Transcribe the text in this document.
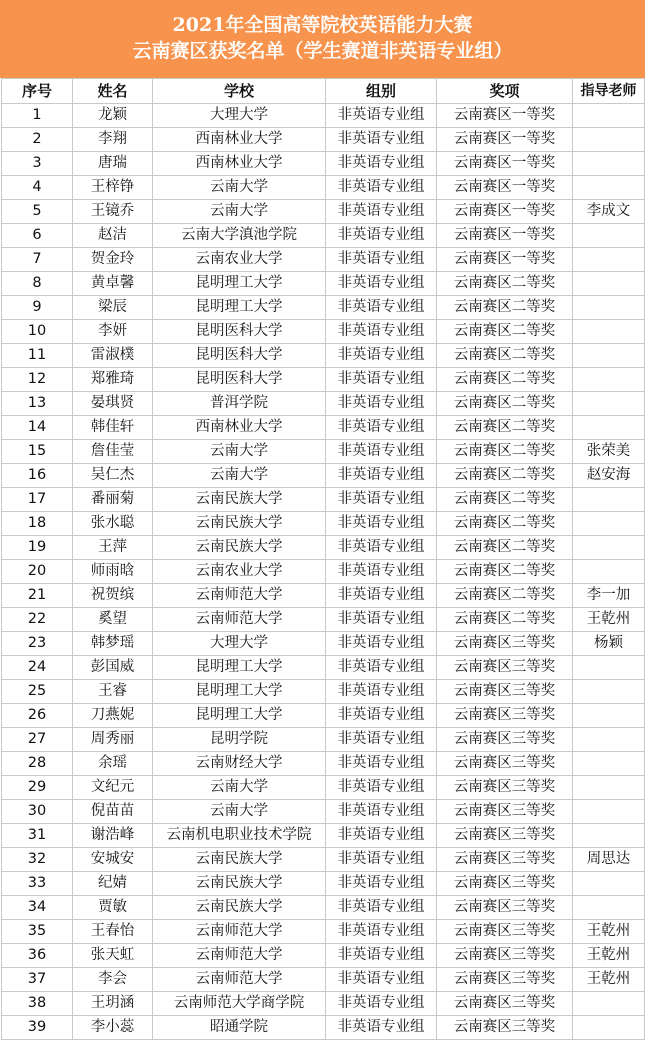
2021年全国高等院校英语能力大赛
云南赛区获奖名单（学生赛道非英语专业组）
序号	姓名	学校	组别	奖项	指导老师
1	龙颖	大理大学	非英语专业组	云南赛区一等奖	
2	李翔	西南林业大学	非英语专业组	云南赛区一等奖	
3	唐瑞	西南林业大学	非英语专业组	云南赛区一等奖	
4	王梓铮	云南大学	非英语专业组	云南赛区一等奖	
5	王镜乔	云南大学	非英语专业组	云南赛区一等奖	李成文
6	赵洁	云南大学滇池学院	非英语专业组	云南赛区一等奖	
7	贺金玲	云南农业大学	非英语专业组	云南赛区一等奖	
8	黄卓馨	昆明理工大学	非英语专业组	云南赛区二等奖	
9	梁辰	昆明理工大学	非英语专业组	云南赛区二等奖	
10	李妍	昆明医科大学	非英语专业组	云南赛区二等奖	
11	雷淑樸	昆明医科大学	非英语专业组	云南赛区二等奖	
12	郑雅琦	昆明医科大学	非英语专业组	云南赛区二等奖	
13	晏琪贤	普洱学院	非英语专业组	云南赛区二等奖	
14	韩佳轩	西南林业大学	非英语专业组	云南赛区二等奖	
15	詹佳莹	云南大学	非英语专业组	云南赛区二等奖	张荣美
16	吴仁杰	云南大学	非英语专业组	云南赛区二等奖	赵安海
17	番丽菊	云南民族大学	非英语专业组	云南赛区二等奖	
18	张水聪	云南民族大学	非英语专业组	云南赛区二等奖	
19	王萍	云南民族大学	非英语专业组	云南赛区二等奖	
20	师雨晗	云南农业大学	非英语专业组	云南赛区二等奖	
21	祝贺缤	云南师范大学	非英语专业组	云南赛区二等奖	李一加
22	奚望	云南师范大学	非英语专业组	云南赛区二等奖	王乾州
23	韩梦瑶	大理大学	非英语专业组	云南赛区三等奖	杨颖
24	彭国威	昆明理工大学	非英语专业组	云南赛区三等奖	
25	王睿	昆明理工大学	非英语专业组	云南赛区三等奖	
26	刀燕妮	昆明理工大学	非英语专业组	云南赛区三等奖	
27	周秀丽	昆明学院	非英语专业组	云南赛区三等奖	
28	余瑶	云南财经大学	非英语专业组	云南赛区三等奖	
29	文纪元	云南大学	非英语专业组	云南赛区三等奖	
30	倪苗苗	云南大学	非英语专业组	云南赛区三等奖	
31	谢浩峰	云南机电职业技术学院	非英语专业组	云南赛区三等奖	
32	安城安	云南民族大学	非英语专业组	云南赛区三等奖	周思达
33	纪婧	云南民族大学	非英语专业组	云南赛区三等奖	
34	贾敏	云南民族大学	非英语专业组	云南赛区三等奖	
35	王春怡	云南师范大学	非英语专业组	云南赛区三等奖	王乾州
36	张天虹	云南师范大学	非英语专业组	云南赛区三等奖	王乾州
37	李会	云南师范大学	非英语专业组	云南赛区三等奖	王乾州
38	王玥涵	云南师范大学商学院	非英语专业组	云南赛区三等奖	
39	李小蕊	昭通学院	非英语专业组	云南赛区三等奖	
